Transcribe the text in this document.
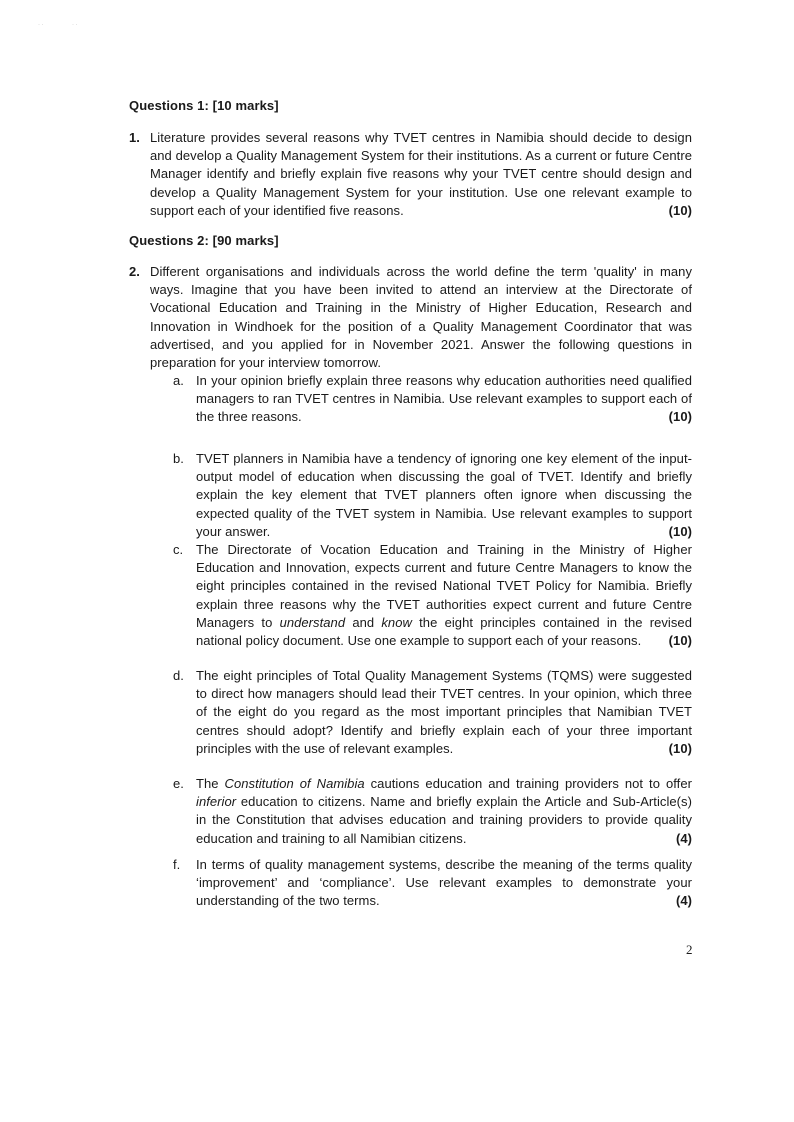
· ·	· ·
Questions 1: [10 marks]
1. Literature provides several reasons why TVET centres in Namibia should decide to design and develop a Quality Management System for their institutions. As a current or future Centre Manager identify and briefly explain five reasons why your TVET centre should design and develop a Quality Management System for your institution. Use one relevant example to support each of your identified five reasons.	(10)
Questions 2: [90 marks]
2. Different organisations and individuals across the world define the term 'quality' in many ways. Imagine that you have been invited to attend an interview at the Directorate of Vocational Education and Training in the Ministry of Higher Education, Research and Innovation in Windhoek for the position of a Quality Management Coordinator that was advertised, and you applied for in November 2021. Answer the following questions in preparation for your interview tomorrow.
a. In your opinion briefly explain three reasons why education authorities need qualified managers to ran TVET centres in Namibia. Use relevant examples to support each of the three reasons.	(10)
b. TVET planners in Namibia have a tendency of ignoring one key element of the input-output model of education when discussing the goal of TVET. Identify and briefly explain the key element that TVET planners often ignore when discussing the expected quality of the TVET system in Namibia. Use relevant examples to support your answer.	(10)
c. The Directorate of Vocation Education and Training in the Ministry of Higher Education and Innovation, expects current and future Centre Managers to know the eight principles contained in the revised National TVET Policy for Namibia. Briefly explain three reasons why the TVET authorities expect current and future Centre Managers to understand and know the eight principles contained in the revised national policy document. Use one example to support each of your reasons. (10)
d. The eight principles of Total Quality Management Systems (TQMS) were suggested to direct how managers should lead their TVET centres. In your opinion, which three of the eight do you regard as the most important principles that Namibian TVET centres should adopt? Identify and briefly explain each of your three important principles with the use of relevant examples.	(10)
e. The Constitution of Namibia cautions education and training providers not to offer inferior education to citizens. Name and briefly explain the Article and Sub-Article(s) in the Constitution that advises education and training providers to provide quality education and training to all Namibian citizens.	(4)
f. In terms of quality management systems, describe the meaning of the terms quality ‘improvement’ and ‘compliance’. Use relevant examples to demonstrate your understanding of the two terms.	(4)
2
